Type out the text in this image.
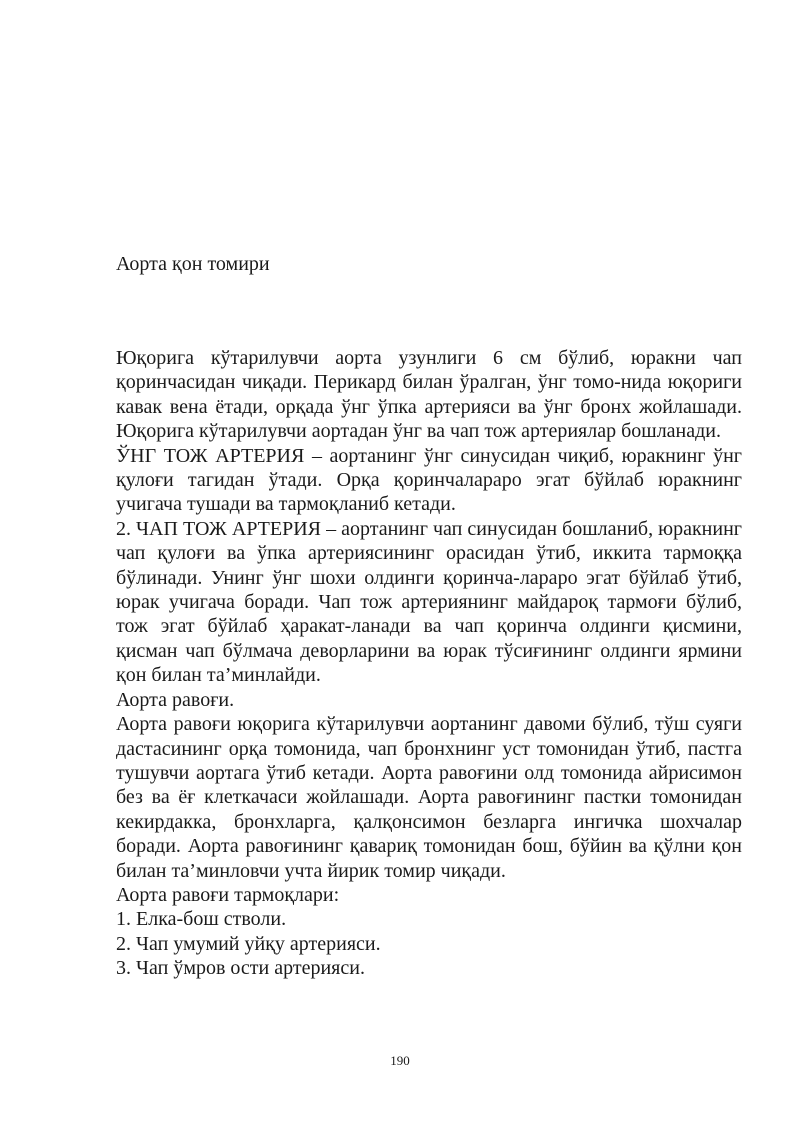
Аорта қон томири

Юқорига кўтарилувчи аорта узунлиги 6 см бўлиб, юракни чап қоринчасидан чиқади. Перикард билан ўралган, ўнг томо-нида юқориги кавак вена ётади, орқада ўнг ўпка артерияси ва ўнг бронх жойлашади. Юқорига кўтарилувчи аортадан ўнг ва чап тож артериялар бошланади.

ЎНГ ТОЖ АРТЕРИЯ – аортанинг ўнг синусидан чиқиб, юракнинг ўнг қулоғи тагидан ўтади. Орқа қоринчалараро эгат бўйлаб юракнинг учигача тушади ва тармоқланиб кетади.

2. ЧАП ТОЖ АРТЕРИЯ – аортанинг чап синусидан бошланиб, юракнинг чап қулоғи ва ўпка артериясининг орасидан ўтиб, иккита тармоққа бўлинади. Унинг ўнг шохи олдинги қоринча-лараро эгат бўйлаб ўтиб, юрак учигача боради. Чап тож артериянинг майдароқ тармоғи бўлиб, тож эгат бўйлаб ҳаракат-ланади ва чап қоринча олдинги қисмини, қисман чап бўлмача деворларини ва юрак тўсиғининг олдинги ярмини қон билан та’минлайди.

Аорта равоғи.

Аорта равоғи юқорига кўтарилувчи аортанинг давоми бўлиб, тўш суяги дастасининг орқа томонида, чап бронхнинг уст томонидан ўтиб, пастга тушувчи аортага ўтиб кетади. Аорта равоғини олд томонида айрисимон без ва ёғ клеткачаси жойлашади. Аорта равоғининг пастки томонидан кекирдакка, бронхларга, қалқонсимон безларга ингичка шохчалар боради. Аорта равоғининг қавариқ томонидан бош, бўйин ва қўлни қон билан та’минловчи учта йирик томир чиқади.

Аорта равоғи тармоқлари:

1. Елка-бош стволи.

2. Чап умумий уйқу артерияси.

3. Чап ўмров ости артерияси.

190
